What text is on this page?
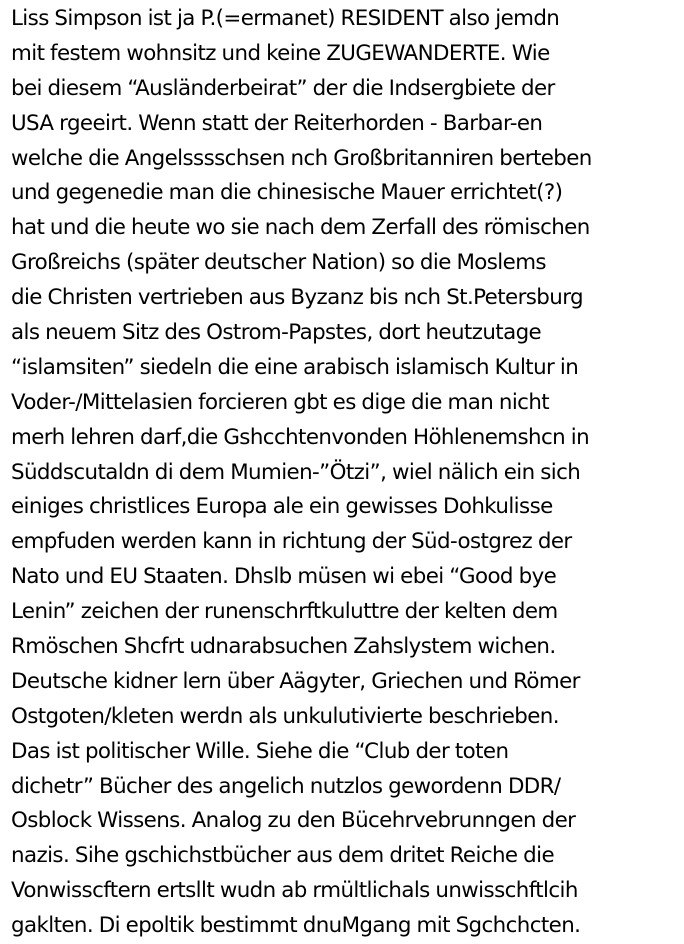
Liss Simpson ist ja P.(=ermanet) RESIDENT also jemdn
mit festem wohnsitz und keine ZUGEWANDERTE. Wie
bei diesem “Ausländerbeirat” der die Indsergbiete der
USA rgeeirt. Wenn statt der Reiterhorden - Barbar-en
welche die Angelsssschsen nch Großbritanniren berteben
und gegenedie man die chinesische Mauer errichtet(?)
hat und die heute wo sie nach dem Zerfall des römischen
Großreichs (später deutscher Nation) so die Moslems
die Christen vertrieben aus Byzanz bis nch St.Petersburg
als neuem Sitz des Ostrom-Papstes, dort heutzutage
“islamsiten” siedeln die eine arabisch islamisch Kultur in
Voder-/Mittelasien forcieren gbt es dige die man nicht
merh lehren darf,die Gshcchtenvonden Höhlenemshcn in
Süddscutaldn di dem Mumien-”Ötzi”, wiel nälich ein sich
einiges christlices Europa ale ein gewisses Dohkulisse
empfuden werden kann in richtung der Süd-ostgrez der
Nato und EU Staaten. Dhslb müsen wi ebei “Good bye
Lenin” zeichen der runenschrftkuluttre der kelten dem
Rmöschen Shcfrt udnarabsuchen Zahslystem wichen.
Deutsche kidner lern über Aägyter, Griechen und Römer
Ostgoten/kleten werdn als unkulutivierte beschrieben.
Das ist politischer Wille. Siehe die “Club der toten
dichetr” Bücher des angelich nutzlos gewordenn DDR/
Osblock Wissens. Analog zu den Bücehrvebrunngen der
nazis. Sihe gschichstbücher aus dem dritet Reiche die
Vonwisscftern ertsllt wudn ab rmültlichals unwisschftlcih
gaklten. Di epoltik bestimmt dnuMgang mit Sgchchcten.
